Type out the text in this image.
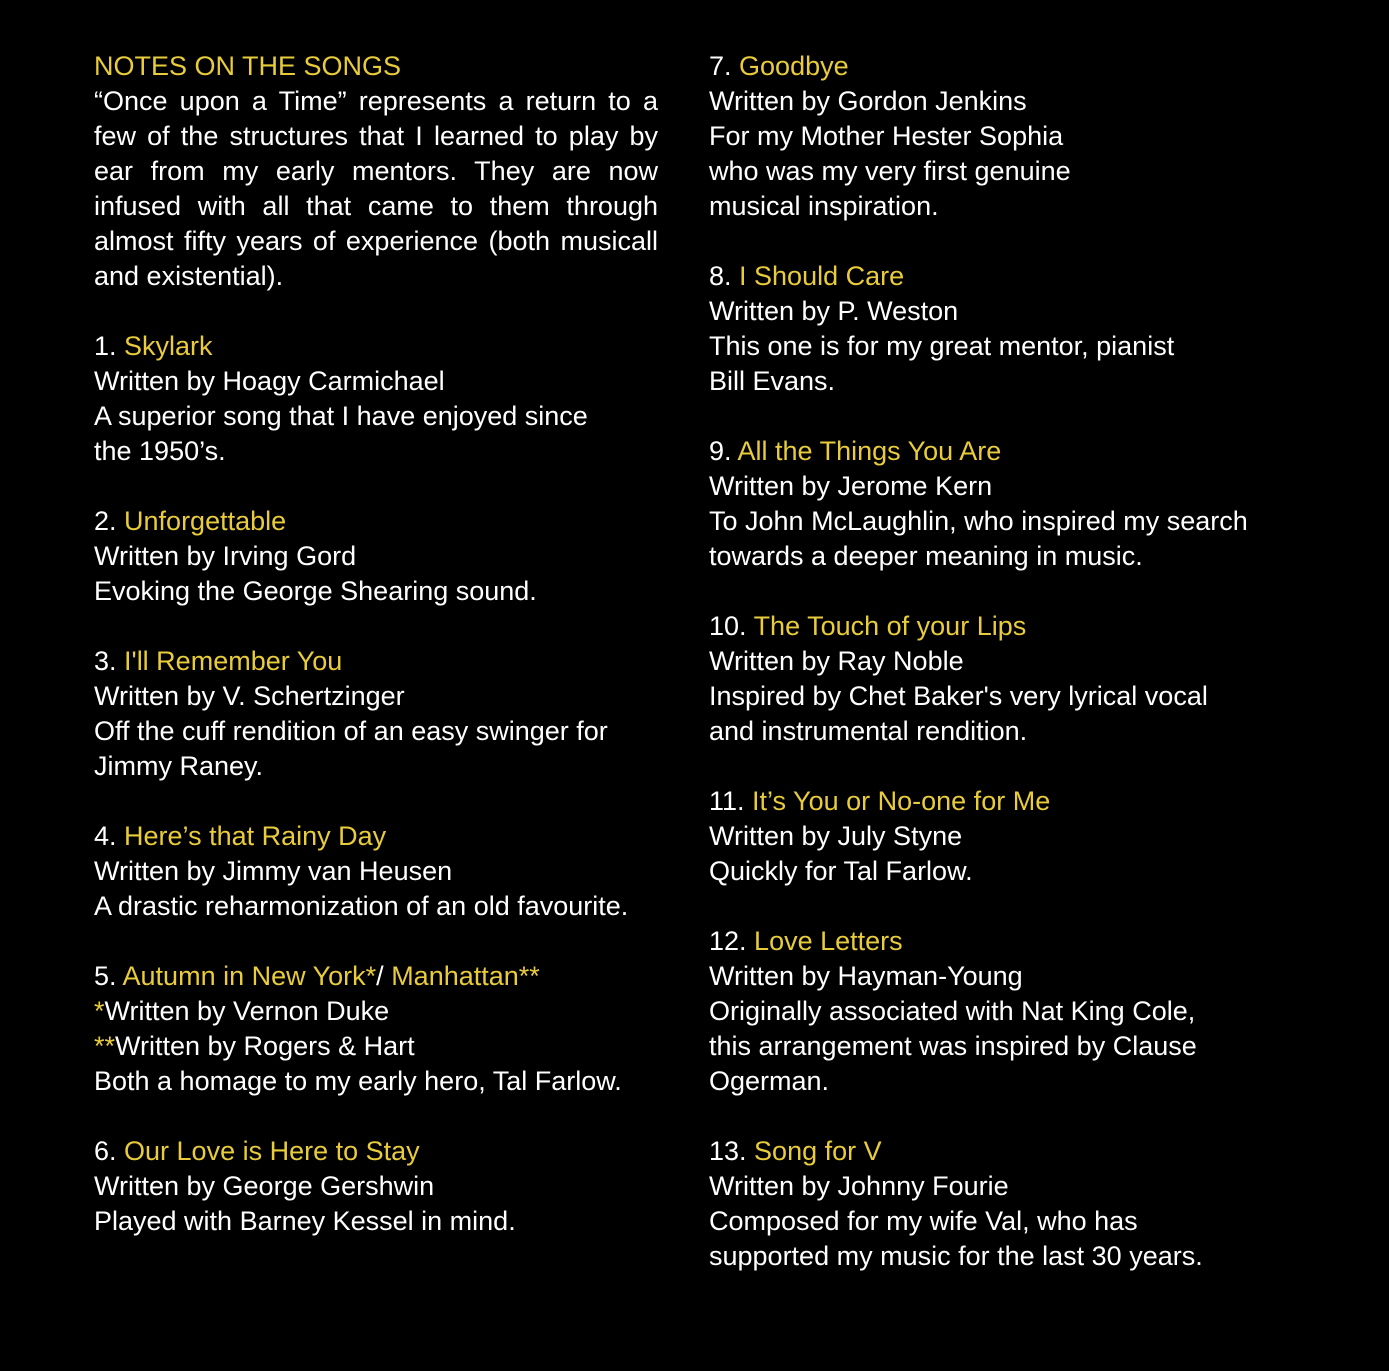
NOTES ON THE SONGS
“Once upon a Time” represents a return to a few of the structures that I learned to play by ear from my early mentors. They are now infused with all that came to them through almost fifty years of experience (both musicall and existential).
1. Skylark
Written by Hoagy Carmichael
A superior song that I have enjoyed since
the 1950’s.
2. Unforgettable
Written by Irving Gord
Evoking the George Shearing sound.
3. I'll Remember You
Written by V. Schertzinger
Off the cuff rendition of an easy swinger for
Jimmy Raney.
4. Here’s that Rainy Day
Written by Jimmy van Heusen
A drastic reharmonization of an old favourite.
5. Autumn in New York*/ Manhattan**
*Written by Vernon Duke
**Written by Rogers & Hart
Both a homage to my early hero, Tal Farlow.
6. Our Love is Here to Stay
Written by George Gershwin
Played with Barney Kessel in mind.
7. Goodbye
Written by Gordon Jenkins
For my Mother Hester Sophia
who was my very first genuine
musical inspiration.
8. I Should Care
Written by P. Weston
This one is for my great mentor, pianist
Bill Evans.
9. All the Things You Are
Written by Jerome Kern
To John McLaughlin, who inspired my search
towards a deeper meaning in music.
10. The Touch of your Lips
Written by Ray Noble
Inspired by Chet Baker's very lyrical vocal
and instrumental rendition.
11. It’s You or No-one for Me
Written by July Styne
Quickly for Tal Farlow.
12. Love Letters
Written by Hayman-Young
Originally associated with Nat King Cole,
this arrangement was inspired by Clause
Ogerman.
13. Song for V
Written by Johnny Fourie
Composed for my wife Val, who has
supported my music for the last 30 years.
